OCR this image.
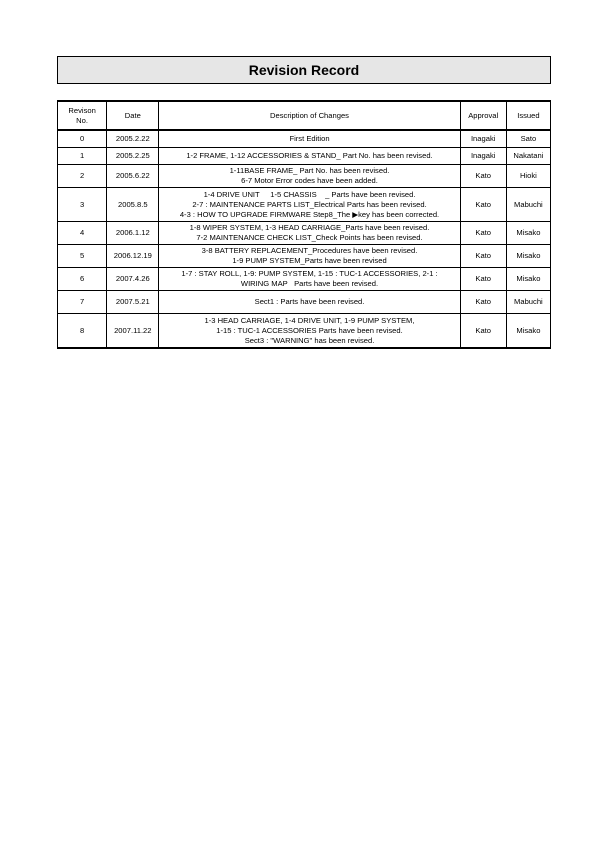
Revision Record
Revison
No.	Date	Description of Changes	Approval	Issued
0	2005.2.22	First Edition	Inagaki	Sato
1	2005.2.25	1-2 FRAME, 1-12 ACCESSORIES & STAND_ Part No. has been revised.	Inagaki	Nakatani
2	2005.6.22	1-11BASE FRAME_ Part No. has been revised.
6-7 Motor Error codes have been added.	Kato	Hioki
3	2005.8.5	1-4 DRIVE UNIT     1-5 CHASSIS    _ Parts have been revised.
2-7 : MAINTENANCE PARTS LIST_Electrical Parts has been revised.
4-3 : HOW TO UPGRADE FIRMWARE Step8_The ▶key has been corrected.	Kato	Mabuchi
4	2006.1.12	1-8 WIPER SYSTEM, 1-3 HEAD CARRIAGE_Parts have been revised.
7-2 MAINTENANCE CHECK LIST_Check Points has been revised.	Kato	Misako
5	2006.12.19	3-8 BATTERY REPLACEMENT_Procedures have been revised.
1-9 PUMP SYSTEM_Parts have been revised	Kato	Misako
6	2007.4.26	1-7 : STAY ROLL, 1-9: PUMP SYSTEM, 1-15 : TUC-1 ACCESSORIES, 2-1 :
WIRING MAP   Parts have been revised.	Kato	Misako
7	2007.5.21	Sect1 : Parts have been revised.	Kato	Mabuchi
8	2007.11.22	1-3 HEAD CARRIAGE, 1-4 DRIVE UNIT, 1-9 PUMP SYSTEM,
1-15 : TUC-1 ACCESSORIES Parts have been revised.
Sect3 : "WARNING" has been revised.	Kato	Misako
